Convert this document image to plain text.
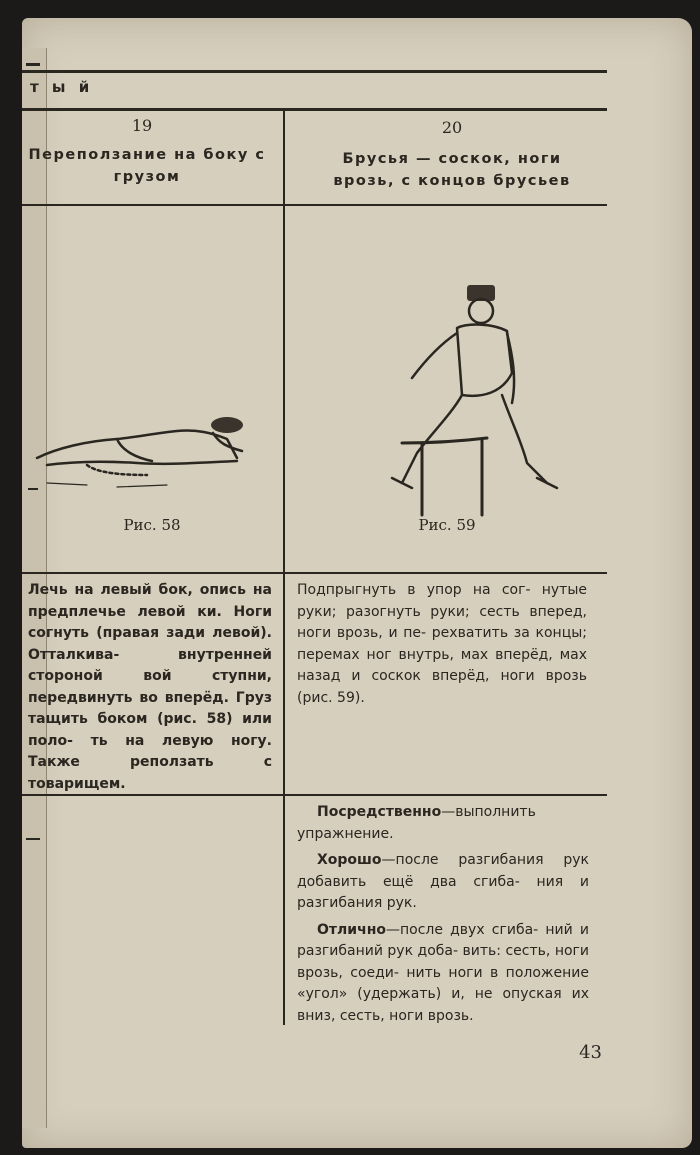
т ы й
19
Переползание на боку с грузом
20
Брусья — соскок, ноги врозь, с концов брусьев
Рис. 58	Рис. 59
Лечь на левый бок, опись на предплечье левой ки. Ноги согнуть (правая зади левой). Отталкива- внутренней стороной вой ступни, передвинуть во вперёд. Груз тащить боком (рис. 58) или поло- ть на левую ногу. Также реползать с товарищем.
Подпрыгнуть в упор на сог- нутые руки; разогнуть руки; сесть вперед, ноги врозь, и пе- рехватить за концы; перемах ног внутрь, мах вперёд, мах назад и соскок вперёд, ноги врозь (рис. 59).

Посредственно—выполнить упражнение.

Хорошо—после разгибания рук добавить ещё два сгиба- ния и разгибания рук.

Отлично—после двух сгиба- ний и разгибаний рук доба- вить: сесть, ноги врозь, соеди- нить ноги в положение «угол» (удержать) и, не опуская их вниз, сесть, ноги врозь.

43
